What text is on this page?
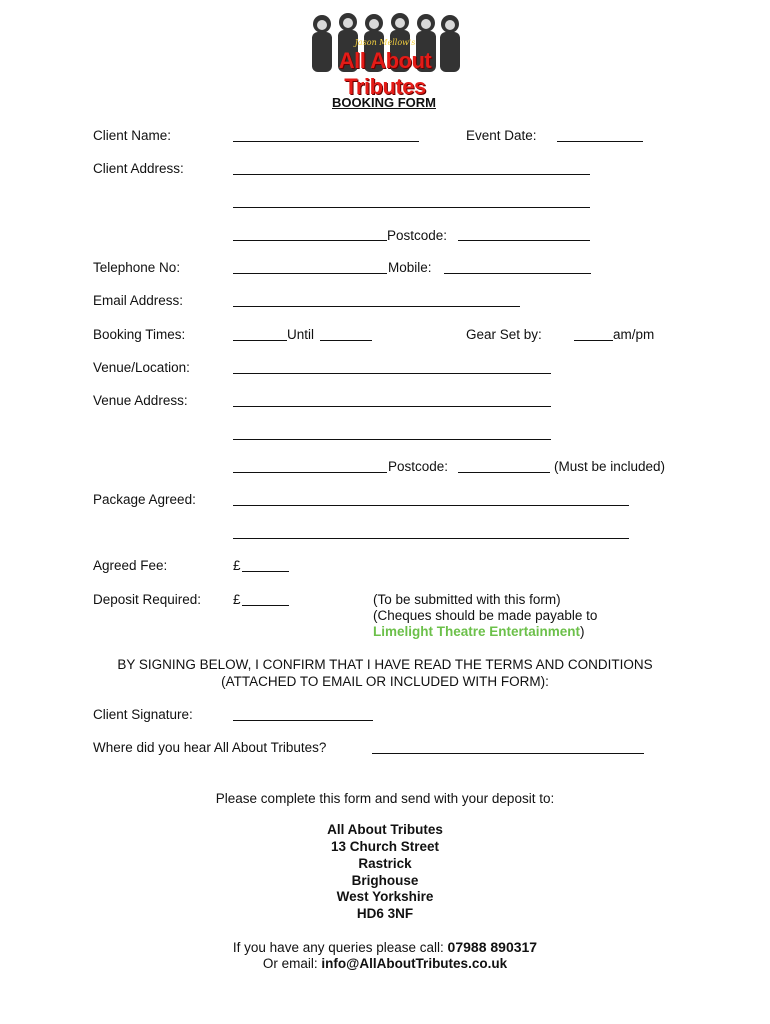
Jason Mellow's
All About Tributes
BOOKING FORM
Client Name:	Event Date:
Client Address:
Postcode:
Telephone No:	Mobile:
Email Address:
Booking Times:	Until	Gear Set by:	am/pm
Venue/Location:
Venue Address:
Postcode:	(Must be included)
Package Agreed:
Agreed Fee:	£
Deposit Required: £	(To be submitted with this form)
(Cheques should be made payable to
Limelight Theatre Entertainment)
BY SIGNING BELOW, I CONFIRM THAT I HAVE READ THE TERMS AND CONDITIONS
(ATTACHED TO EMAIL OR INCLUDED WITH FORM):
Client Signature:
Where did you hear All About Tributes?
Please complete this form and send with your deposit to:
All About Tributes
13 Church Street
Rastrick
Brighouse
West Yorkshire
HD6 3NF
If you have any queries please call: 07988 890317
Or email: info@AllAboutTributes.co.uk
